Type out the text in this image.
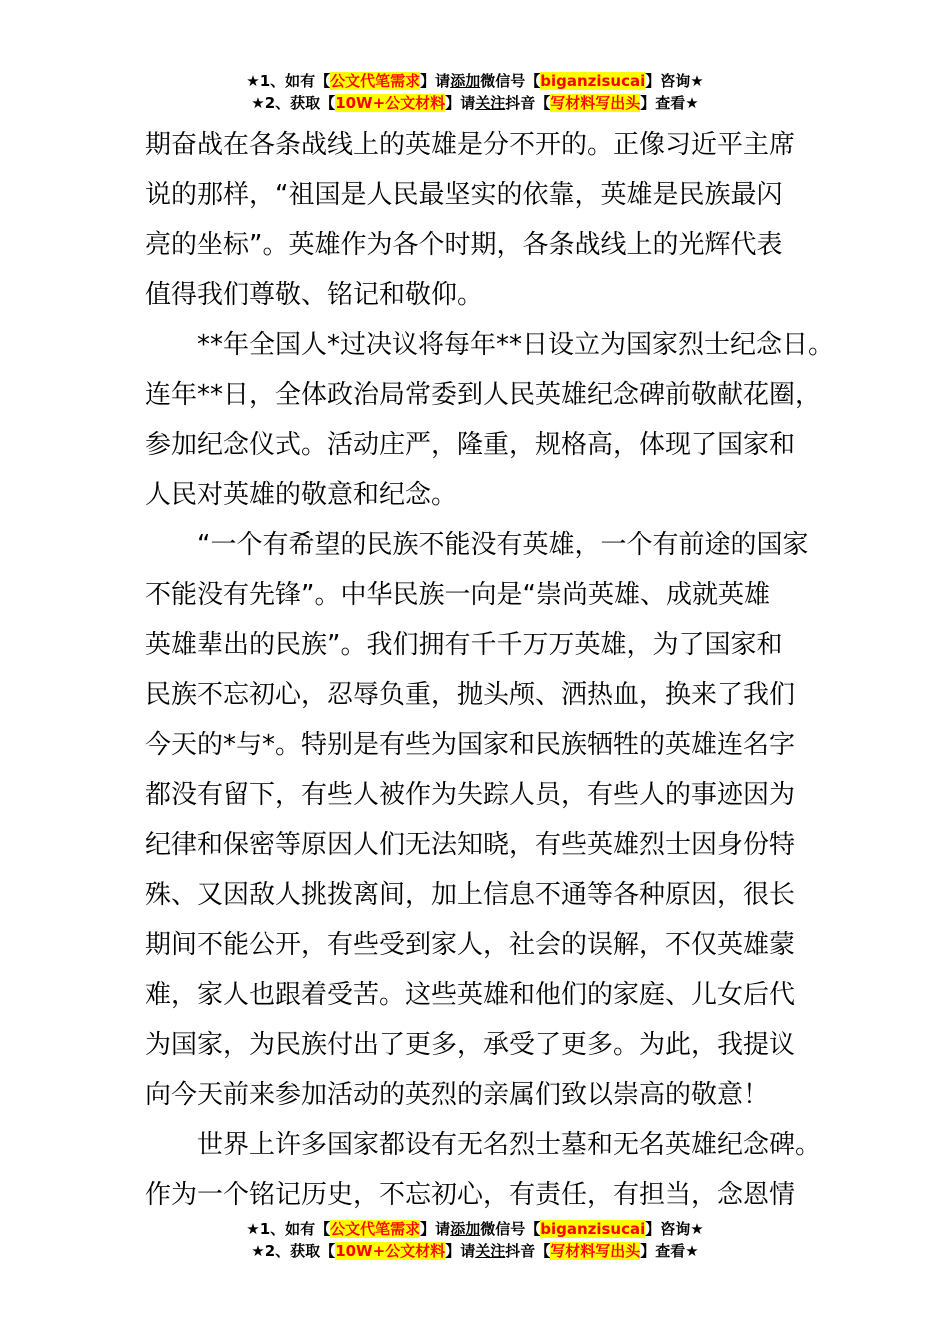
★1、如有【公文代笔需求】请添加微信号【biganzisucai】咨询★
★2、获取【10W+公文材料】请关注抖音【写材料写出头】查看★
期奋战在各条战线上的英雄是分不开的。正像习近平主席
说的那样，“祖国是人民最坚实的依靠，英雄是民族最闪
亮的坐标”。英雄作为各个时期，各条战线上的光辉代表
值得我们尊敬、铭记和敬仰。
**年全国人*过决议将每年**日设立为国家烈士纪念日。
连年**日，全体政治局常委到人民英雄纪念碑前敬献花圈，
参加纪念仪式。活动庄严，隆重，规格高，体现了国家和
人民对英雄的敬意和纪念。
“一个有希望的民族不能没有英雄，一个有前途的国家
不能没有先锋”。中华民族一向是“崇尚英雄、成就英雄
英雄辈出的民族”。我们拥有千千万万英雄，为了国家和
民族不忘初心，忍辱负重，抛头颅、洒热血，换来了我们
今天的*与*。特别是有些为国家和民族牺牲的英雄连名字
都没有留下，有些人被作为失踪人员，有些人的事迹因为
纪律和保密等原因人们无法知晓，有些英雄烈士因身份特
殊、又因敌人挑拨离间，加上信息不通等各种原因，很长
期间不能公开，有些受到家人，社会的误解，不仅英雄蒙
难，家人也跟着受苦。这些英雄和他们的家庭、儿女后代
为国家，为民族付出了更多，承受了更多。为此，我提议
向今天前来参加活动的英烈的亲属们致以崇高的敬意！
世界上许多国家都设有无名烈士墓和无名英雄纪念碑。
作为一个铭记历史，不忘初心，有责任，有担当，念恩情
★1、如有【公文代笔需求】请添加微信号【biganzisucai】咨询★
★2、获取【10W+公文材料】请关注抖音【写材料写出头】查看★
